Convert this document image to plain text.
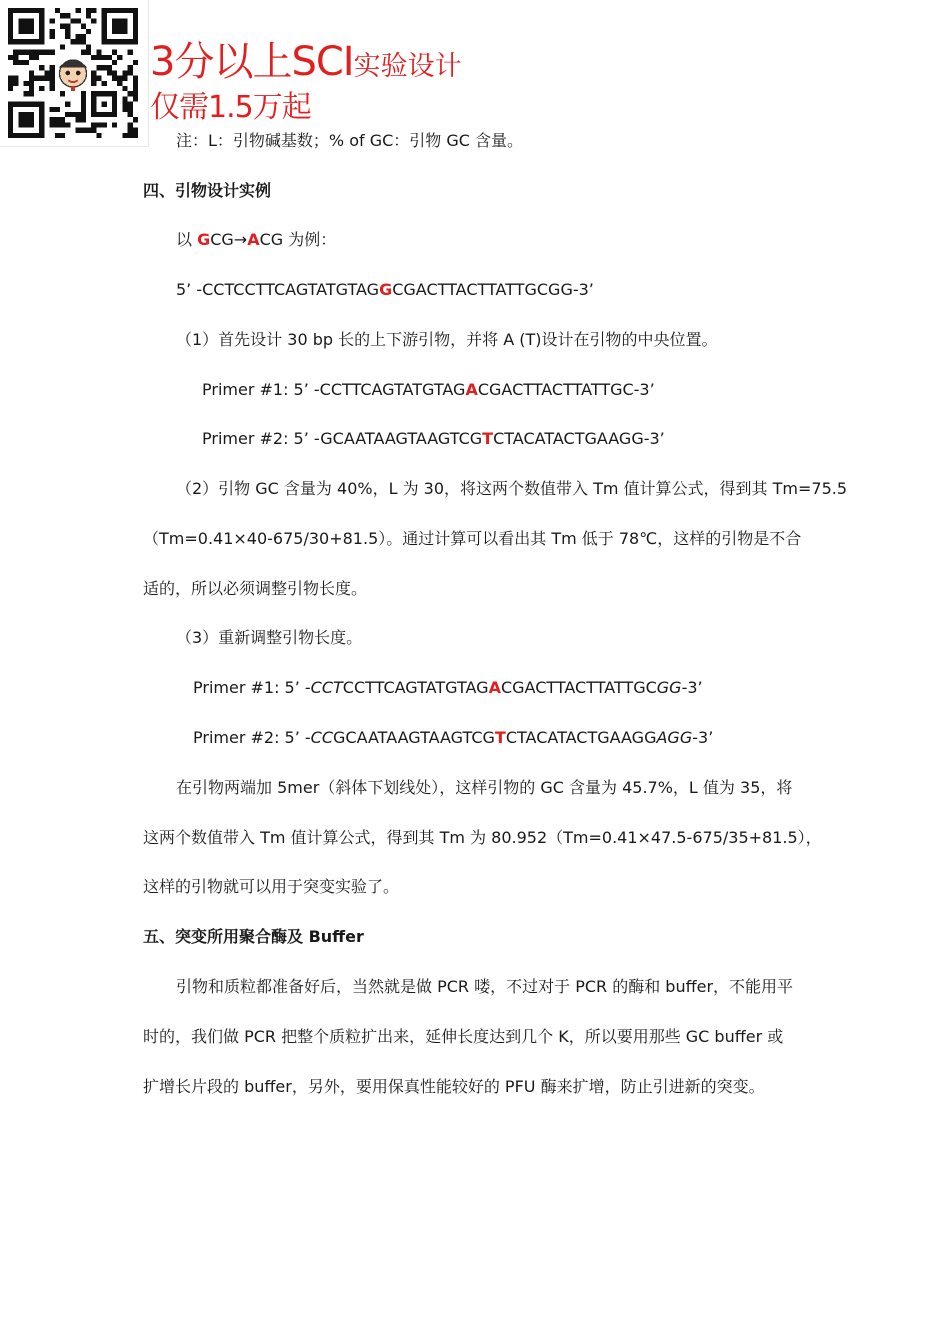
3分以上SCI实验设计
仅需1.5万起
注：L：引物碱基数；% of GC：引物 GC 含量。
四、引物设计实例
以 GCG→ACG 为例：
5’ -CCTCCTTCAGTATGTAGGCGACTTACTTATTGCGG-3’
（1）首先设计 30 bp 长的上下游引物，并将 A (T)设计在引物的中央位置。
Primer #1: 5’ -CCTTCAGTATGTAGACGACTTACTTATTGC-3’
Primer #2: 5’ -GCAATAAGTAAGTCGTCTACATACTGAAGG-3’
（2）引物 GC 含量为 40%，L 为 30，将这两个数值带入 Tm 值计算公式，得到其 Tm=75.5
（Tm=0.41×40-675/30+81.5）。通过计算可以看出其 Tm 低于 78℃，这样的引物是不合
适的，所以必须调整引物长度。
（3）重新调整引物长度。
Primer #1: 5’ -CCTCCTTCAGTATGTAGACGACTTACTTATTGCGG-3’
Primer #2: 5’ -CCGCAATAAGTAAGTCGTCTACATACTGAAGGAGG-3’
在引物两端加 5mer（斜体下划线处），这样引物的 GC 含量为 45.7%，L 值为 35，将
这两个数值带入 Tm 值计算公式，得到其 Tm 为 80.952（Tm=0.41×47.5-675/35+81.5），
这样的引物就可以用于突变实验了。
五、突变所用聚合酶及 Buffer
引物和质粒都准备好后，当然就是做 PCR 喽，不过对于 PCR 的酶和 buffer，不能用平
时的，我们做 PCR 把整个质粒扩出来，延伸长度达到几个 K，所以要用那些 GC buffer 或
扩增长片段的 buffer，另外，要用保真性能较好的 PFU 酶来扩增，防止引进新的突变。
